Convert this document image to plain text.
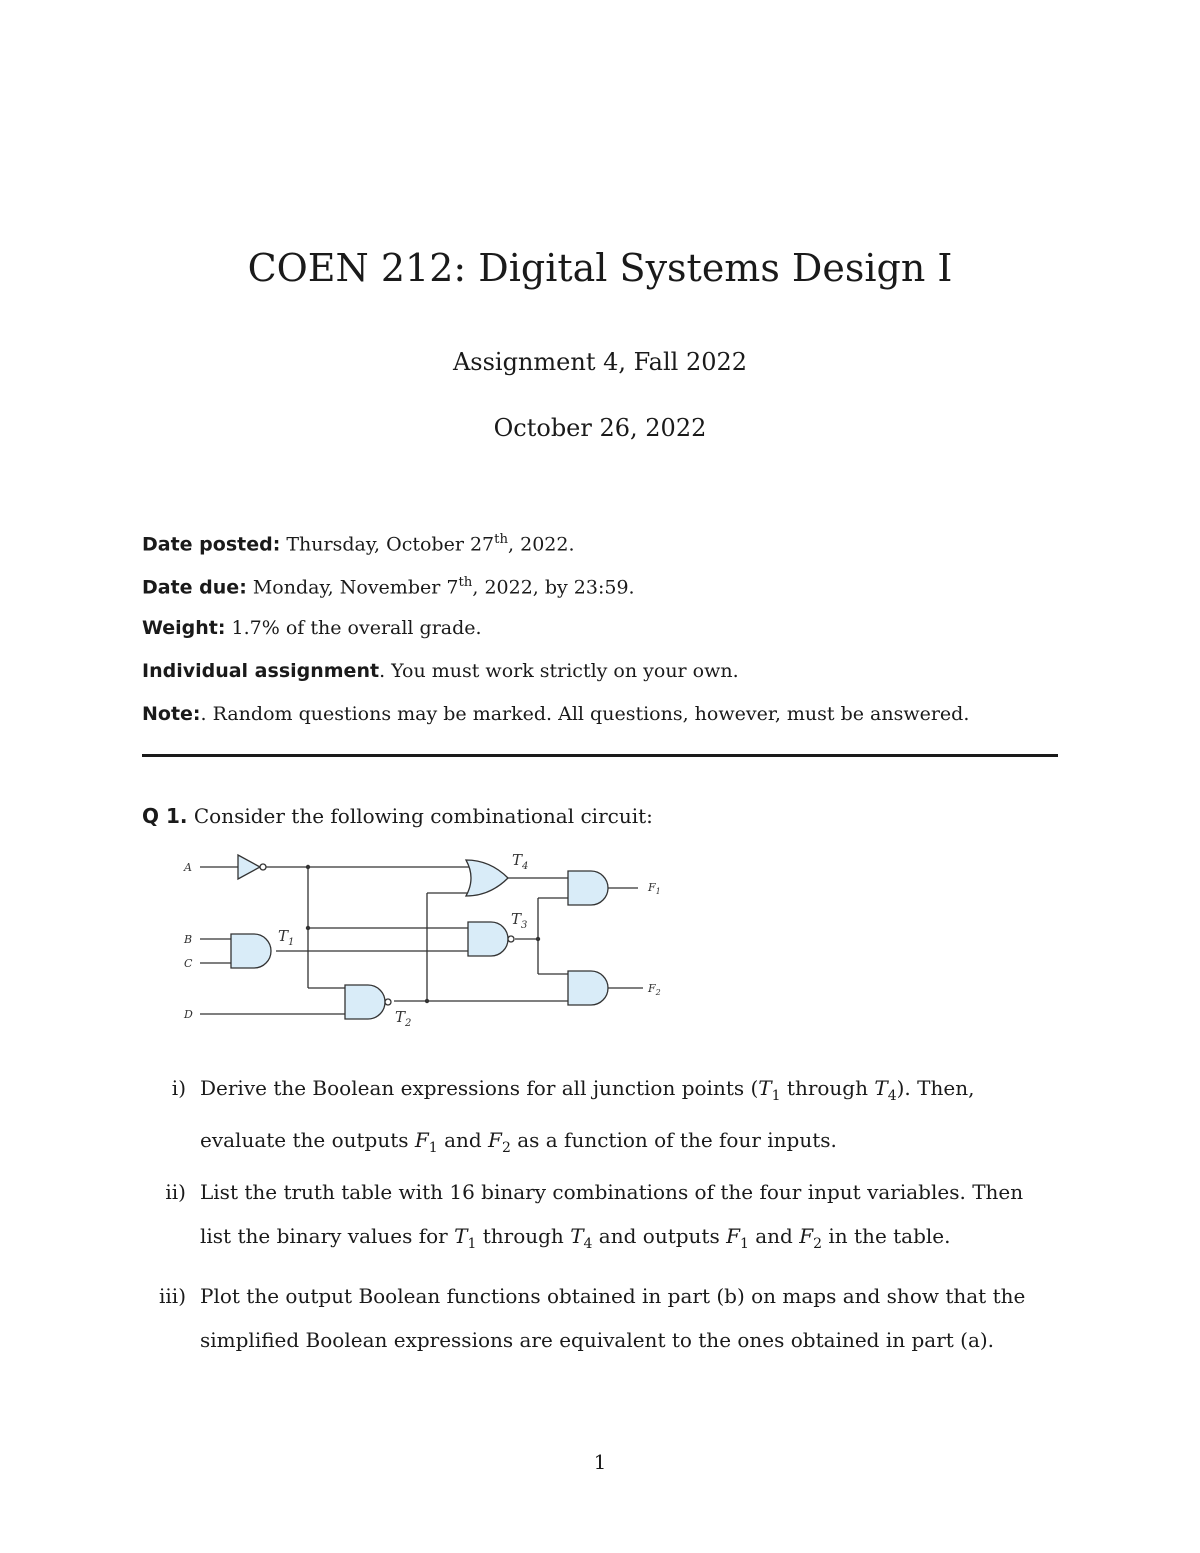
COEN 212: Digital Systems Design I
Assignment 4, Fall 2022
October 26, 2022
Date posted: Thursday, October 27th, 2022.
Date due: Monday, November 7th, 2022, by 23:59.
Weight: 1.7% of the overall grade.
Individual assignment. You must work strictly on your own.
Note:. Random questions may be marked. All questions, however, must be answered.
Q 1. Consider the following combinational circuit:
A
B
C
D
$T_1$
$T_2$
$T_3$
$T_4$
$F_1$
$F_2$
i) Derive the Boolean expressions for all junction points ($T_1$ through $T_4$). Then, evaluate the outputs $F_1$ and $F_2$ as a function of the four inputs.
ii) List the truth table with 16 binary combinations of the four input variables. Then list the binary values for $T_1$ through $T_4$ and outputs $F_1$ and $F_2$ in the table.
iii) Plot the output Boolean functions obtained in part (b) on maps and show that the simplified Boolean expressions are equivalent to the ones obtained in part (a).
1
